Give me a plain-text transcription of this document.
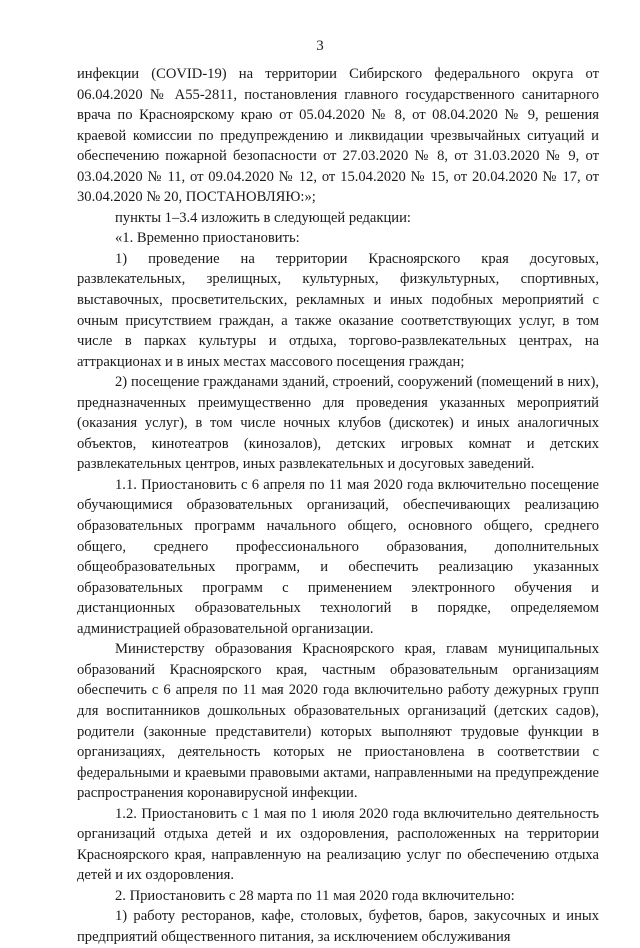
3

инфекции (COVID-19) на территории Сибирского федерального округа от 06.04.2020 № А55-2811, постановления главного государственного санитарного врача по Красноярскому краю от 05.04.2020 № 8, от 08.04.2020 № 9, решения краевой комиссии по предупреждению и ликвидации чрезвычайных ситуаций и обеспечению пожарной безопасности от 27.03.2020 № 8, от 31.03.2020 № 9, от 03.04.2020 № 11, от 09.04.2020 № 12, от 15.04.2020 № 15, от 20.04.2020 № 17, от 30.04.2020 № 20, ПОСТАНОВЛЯЮ:»;

пункты 1–3.4 изложить в следующей редакции:

«1. Временно приостановить:

1) проведение на территории Красноярского края досуговых, развлекательных, зрелищных, культурных, физкультурных, спортивных, выставочных, просветительских, рекламных и иных подобных мероприятий с очным присутствием граждан, а также оказание соответствующих услуг, в том числе в парках культуры и отдыха, торгово-развлекательных центрах, на аттракционах и в иных местах массового посещения граждан;

2) посещение гражданами зданий, строений, сооружений (помещений в них), предназначенных преимущественно для проведения указанных мероприятий (оказания услуг), в том числе ночных клубов (дискотек) и иных аналогичных объектов, кинотеатров (кинозалов), детских игровых комнат и детских развлекательных центров, иных развлекательных и досуговых заведений.

1.1. Приостановить с 6 апреля по 11 мая 2020 года включительно посещение обучающимися образовательных организаций, обеспечивающих реализацию образовательных программ начального общего, основного общего, среднего общего, среднего профессионального образования, дополнительных общеобразовательных программ, и обеспечить реализацию указанных образовательных программ с применением электронного обучения и дистанционных образовательных технологий в порядке, определяемом администрацией образовательной организации.

Министерству образования Красноярского края, главам муниципальных образований Красноярского края, частным образовательным организациям обеспечить с 6 апреля по 11 мая 2020 года включительно работу дежурных групп для воспитанников дошкольных образовательных организаций (детских садов), родители (законные представители) которых выполняют трудовые функции в организациях, деятельность которых не приостановлена в соответствии с федеральными и краевыми правовыми актами, направленными на предупреждение распространения коронавирусной инфекции.

1.2. Приостановить с 1 мая по 1 июля 2020 года включительно деятельность организаций отдыха детей и их оздоровления, расположенных на территории Красноярского края, направленную на реализацию услуг по обеспечению отдыха детей и их оздоровления.

2. Приостановить с 28 марта по 11 мая 2020 года включительно:

1) работу ресторанов, кафе, столовых, буфетов, баров, закусочных и иных предприятий общественного питания, за исключением обслуживания
